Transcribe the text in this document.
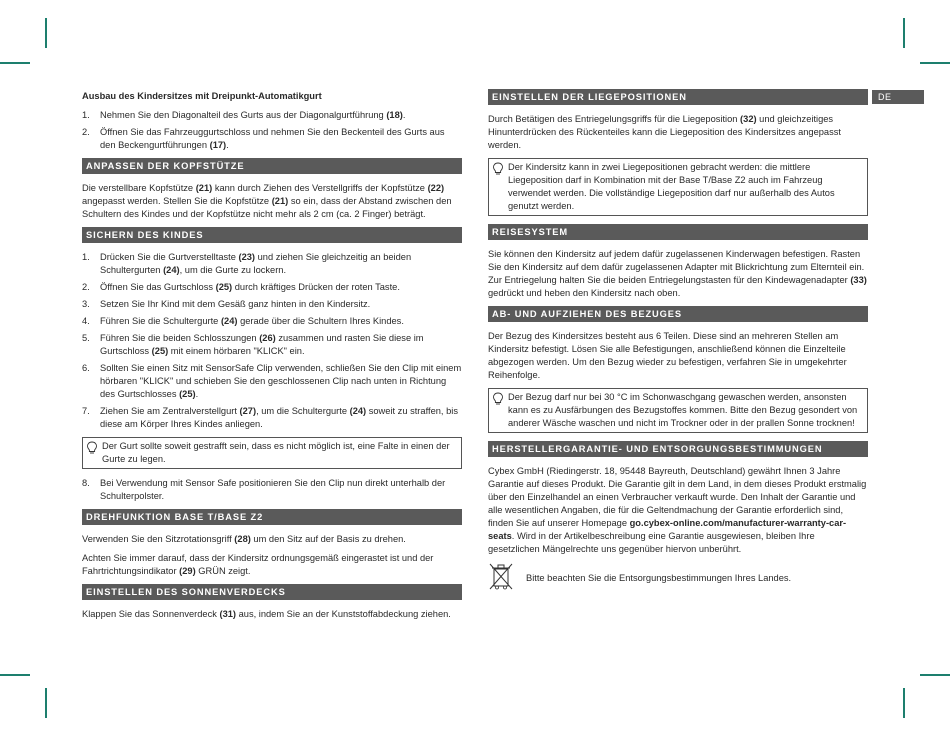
DE
Ausbau des Kindersitzes mit Dreipunkt-Automatikgurt
1. Nehmen Sie den Diagonalteil des Gurts aus der Diagonalgurtführung (18).
2. Öffnen Sie das Fahrzeuggurtschloss und nehmen Sie den Beckenteil des Gurts aus den Beckengurtführungen (17).
ANPASSEN DER KOPFSTÜTZE

Die verstellbare Kopfstütze (21) kann durch Ziehen des Verstellgriffs der Kopfstütze (22) angepasst werden. Stellen Sie die Kopfstütze (21) so ein, dass der Abstand zwischen den Schultern des Kindes und der Kopfstütze nicht mehr als 2 cm (ca. 2 Finger) beträgt.

SICHERN DES KINDES
1. Drücken Sie die Gurtverstelltaste (23) und ziehen Sie gleichzeitig an beiden Schultergurten (24), um die Gurte zu lockern.
2. Öffnen Sie das Gurtschloss (25) durch kräftiges Drücken der roten Taste.
3. Setzen Sie Ihr Kind mit dem Gesäß ganz hinten in den Kindersitz.
4. Führen Sie die Schultergurte (24) gerade über die Schultern Ihres Kindes.
5. Führen Sie die beiden Schlosszungen (26) zusammen und rasten Sie diese im Gurtschloss (25) mit einem hörbaren "KLICK" ein.
6. Sollten Sie einen Sitz mit SensorSafe Clip verwenden, schließen Sie den Clip mit einem hörbaren "KLICK" und schieben Sie den geschlossenen Clip nach unten in Richtung des Gurtschlosses (25).
7. Ziehen Sie am Zentralverstellgurt (27), um die Schultergurte (24) soweit zu straffen, bis diese am Körper Ihres Kindes anliegen.
Der Gurt sollte soweit gestrafft sein, dass es nicht möglich ist, eine Falte in einen der Gurte zu legen.
8. Bei Verwendung mit Sensor Safe positionieren Sie den Clip nun direkt unterhalb der Schulterpolster.
DREHFUNKTION BASE T/BASE Z2

Verwenden Sie den Sitzrotationsgriff (28) um den Sitz auf der Basis zu drehen.

Achten Sie immer darauf, dass der Kindersitz ordnungsgemäß eingerastet ist und der Fahrtrichtungsindikator (29) GRÜN zeigt.

EINSTELLEN DES SONNENVERDECKS

Klappen Sie das Sonnenverdeck (31) aus, indem Sie an der Kunststoffabdeckung ziehen.

EINSTELLEN DER LIEGEPOSITIONEN

Durch Betätigen des Entriegelungsgriffs für die Liegeposition (32) und gleichzeitiges Hinunterdrücken des Rückenteiles kann die Liegeposition des Kindersitzes angepasst werden.

Der Kindersitz kann in zwei Liegepositionen gebracht werden: die mittlere Liegeposition darf in Kombination mit der Base T/Base Z2 auch im Fahrzeug verwendet werden. Die vollständige Liegeposition darf nur außerhalb des Autos genutzt werden.
REISESYSTEM

Sie können den Kindersitz auf jedem dafür zugelassenen Kinderwagen befestigen. Rasten Sie den Kindersitz auf dem dafür zugelassenen Adapter mit Blickrichtung zum Elternteil ein. Zur Entriegelung halten Sie die beiden Entriegelungstasten für den Kindewagenadapter (33) gedrückt und heben den Kindersitz nach oben.

AB- UND AUFZIEHEN DES BEZUGES

Der Bezug des Kindersitzes besteht aus 6 Teilen. Diese sind an mehreren Stellen am Kindersitz befestigt. Lösen Sie alle Befestigungen, anschließend können die Einzelteile abgezogen werden. Um den Bezug wieder zu befestigen, verfahren Sie in umgekehrter Reihenfolge.

Der Bezug darf nur bei 30 °C im Schonwaschgang gewaschen werden, ansonsten kann es zu Ausfärbungen des Bezugstoffes kommen. Bitte den Bezug gesondert von anderer Wäsche waschen und nicht im Trockner oder in der prallen Sonne trocknen!
HERSTELLERGARANTIE- UND ENTSORGUNGSBESTIMMUNGEN

Cybex GmbH (Riedingerstr. 18, 95448 Bayreuth, Deutschland) gewährt Ihnen 3 Jahre Garantie auf dieses Produkt. Die Garantie gilt in dem Land, in dem dieses Produkt erstmalig über den Einzelhandel an einen Verbraucher verkauft wurde. Den Inhalt der Garantie und alle wesentlichen Angaben, die für die Geltendmachung der Garantie erforderlich sind, finden Sie auf unserer Homepage go.cybex-online.com/manufacturer-warranty-car-seats. Wird in der Artikelbeschreibung eine Garantie ausgewiesen, bleiben Ihre gesetzlichen Mängelrechte uns gegenüber hiervon unberührt.

Bitte beachten Sie die Entsorgungsbestimmungen Ihres Landes.
